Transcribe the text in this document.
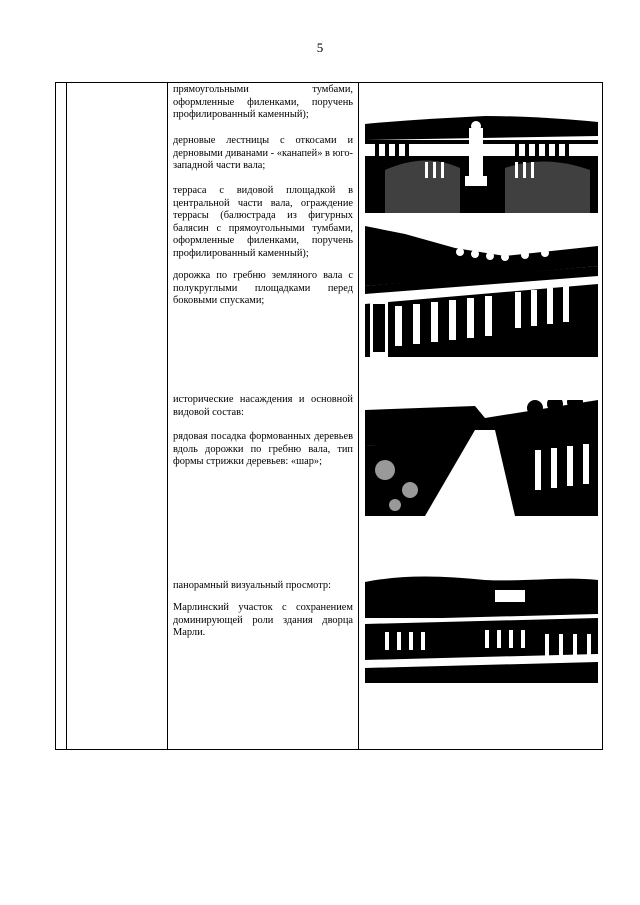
5

прямоугольными тумбами, оформленные филенками, поручень профилированный каменный);

дерновые лестницы с откосами и дерновыми диванами - «канапей» в юго-западной части вала;

терраса с видовой площадкой в центральной части вала, ограждение террасы (балюстрада из фигурных балясин с прямоугольными тумбами, оформленные филенками, поручень профилированный каменный);

дорожка по гребню земляного вала с полукруглыми площадками перед боковыми спусками;

исторические насаждения и основной видовой состав:

рядовая посадка формованных деревьев вдоль дорожки по гребню вала, тип формы стрижки деревьев: «шар»;

панорамный визуальный просмотр:

Марлинский участок с сохранением доминирующей роли здания дворца Марли.
